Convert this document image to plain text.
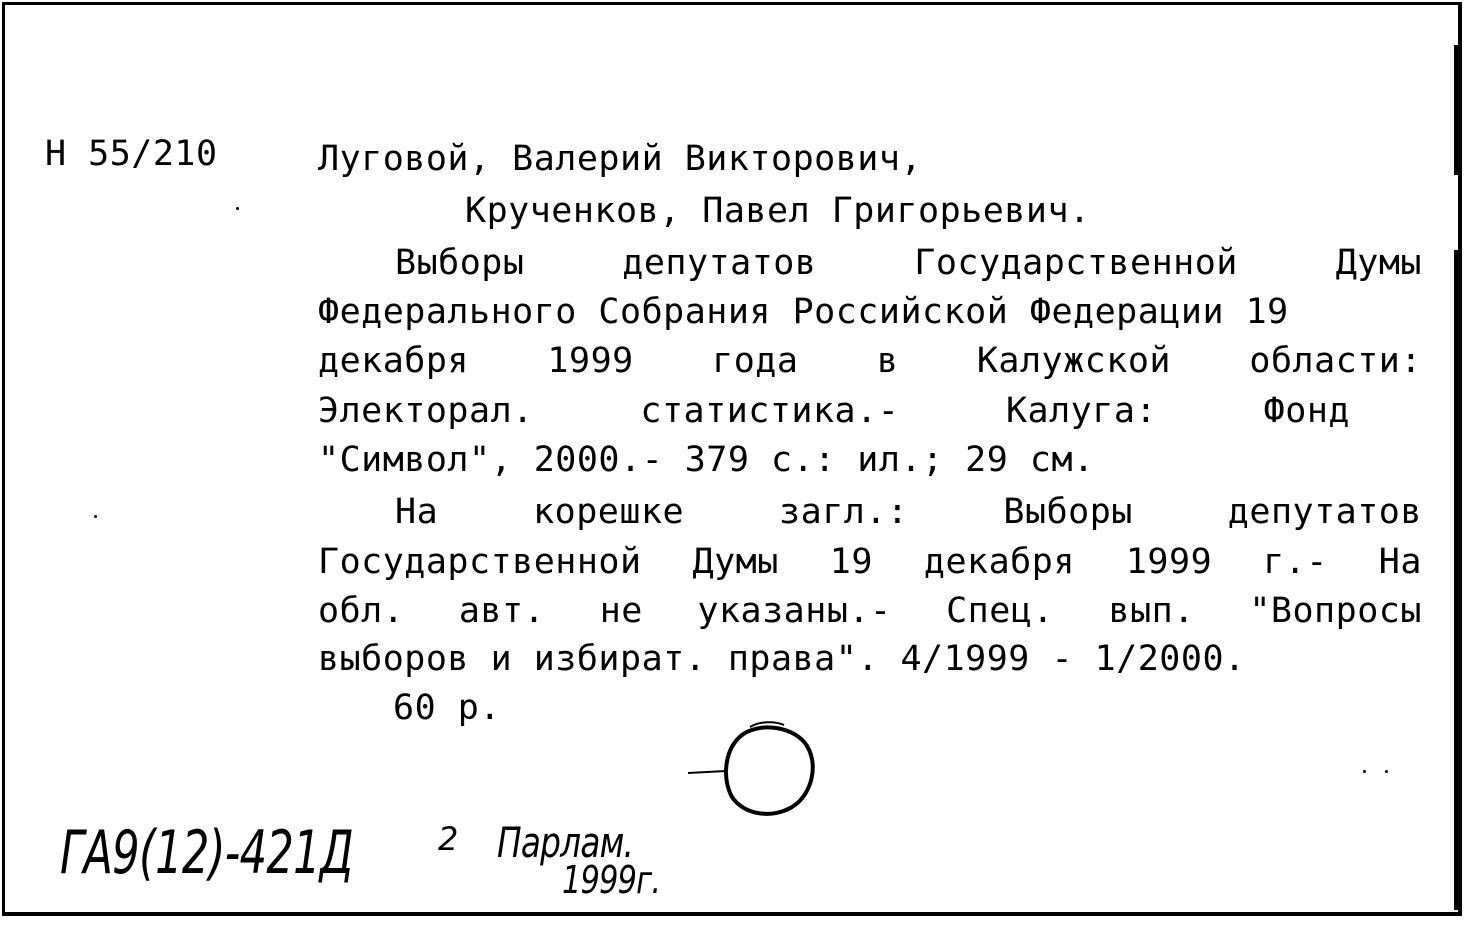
Н 55/210	Луговой, Валерий Викторович,
Крученков, Павел Григорьевич.
Выборы	депутатов	Государственной	Думы
Федерального Собрания Российской Федерации 19
декабря 1999 года в Калужской области:
Электорал.	статистика.-	Калуга:	Фонд
"Символ", 2000.- 379 с.: ил.; 29 см.
На	корешке	загл.:	Выборы	депутатов
Государственной Думы 19 декабря 1999 г.- На
обл. авт. не указаны.- Спец. вып. "Вопросы
выборов и избират. права". 4/1999 - 1/2000.
60 р.
ГА9(12)-421Д	2 Парлам.
1999г.
